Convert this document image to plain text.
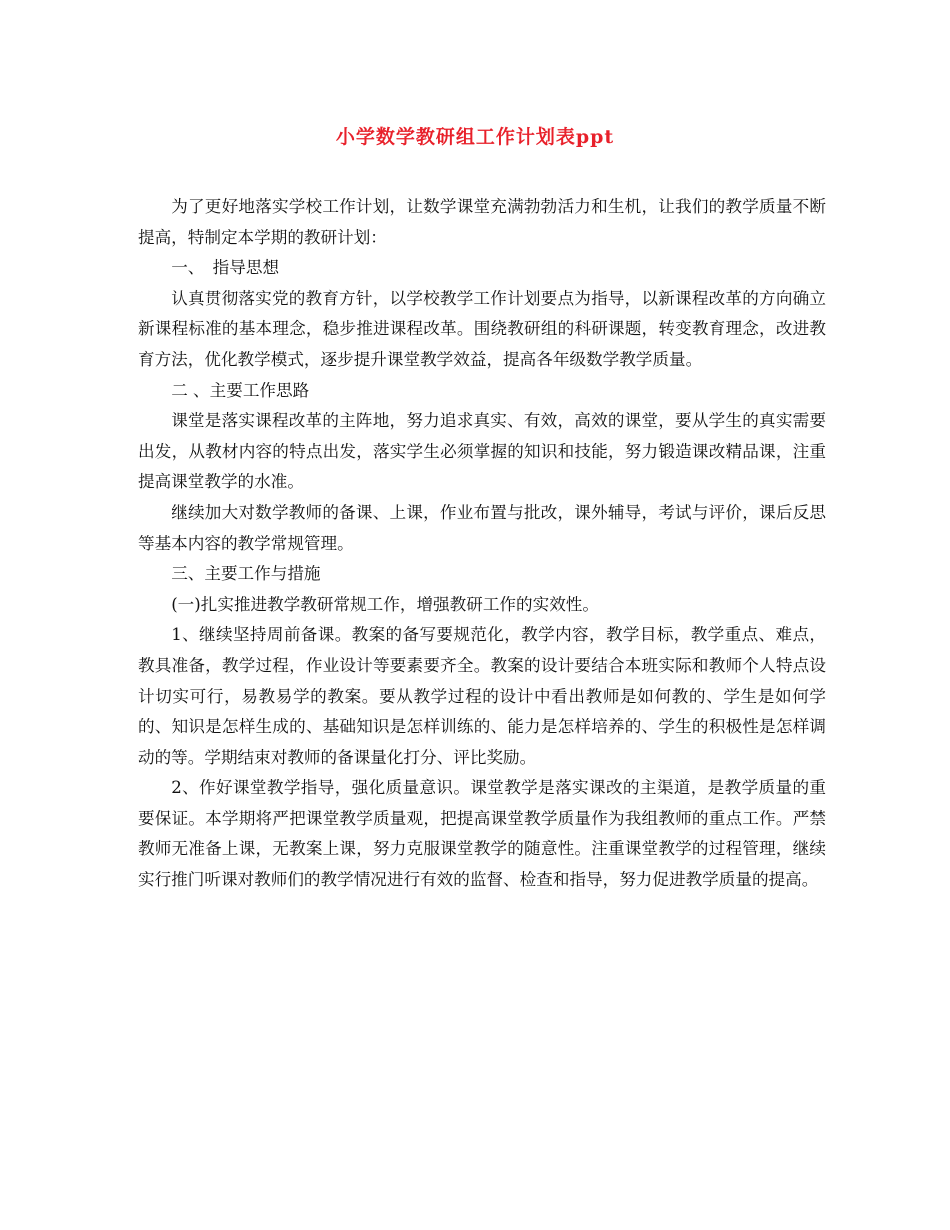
小学数学教研组工作计划表ppt

为了更好地落实学校工作计划，让数学课堂充满勃勃活力和生机，让我们的教学质量不断提高，特制定本学期的教研计划：

一、　指导思想

认真贯彻落实党的教育方针，以学校教学工作计划要点为指导，以新课程改革的方向确立新课程标准的基本理念，稳步推进课程改革。围绕教研组的科研课题，转变教育理念，改进教育方法，优化教学模式，逐步提升课堂教学效益，提高各年级数学教学质量。

二 、主要工作思路

课堂是落实课程改革的主阵地，努力追求真实、有效，高效的课堂，要从学生的真实需要出发，从教材内容的特点出发，落实学生必须掌握的知识和技能，努力锻造课改精品课，注重提高课堂教学的水准。

继续加大对数学教师的备课、上课，作业布置与批改，课外辅导，考试与评价，课后反思等基本内容的教学常规管理。

三、主要工作与措施

(一)扎实推进教学教研常规工作，增强教研工作的实效性。

1、继续坚持周前备课。教案的备写要规范化，教学内容，教学目标，教学重点、难点，教具准备，教学过程，作业设计等要素要齐全。教案的设计要结合本班实际和教师个人特点设计切实可行，易教易学的教案。要从教学过程的设计中看出教师是如何教的、学生是如何学的、知识是怎样生成的、基础知识是怎样训练的、能力是怎样培养的、学生的积极性是怎样调动的等。学期结束对教师的备课量化打分、评比奖励。

2、作好课堂教学指导，强化质量意识。课堂教学是落实课改的主渠道，是教学质量的重要保证。本学期将严把课堂教学质量观，把提高课堂教学质量作为我组教师的重点工作。严禁教师无准备上课，无教案上课，努力克服课堂教学的随意性。注重课堂教学的过程管理，继续实行推门听课对教师们的教学情况进行有效的监督、检查和指导，努力促进教学质量的提高。
